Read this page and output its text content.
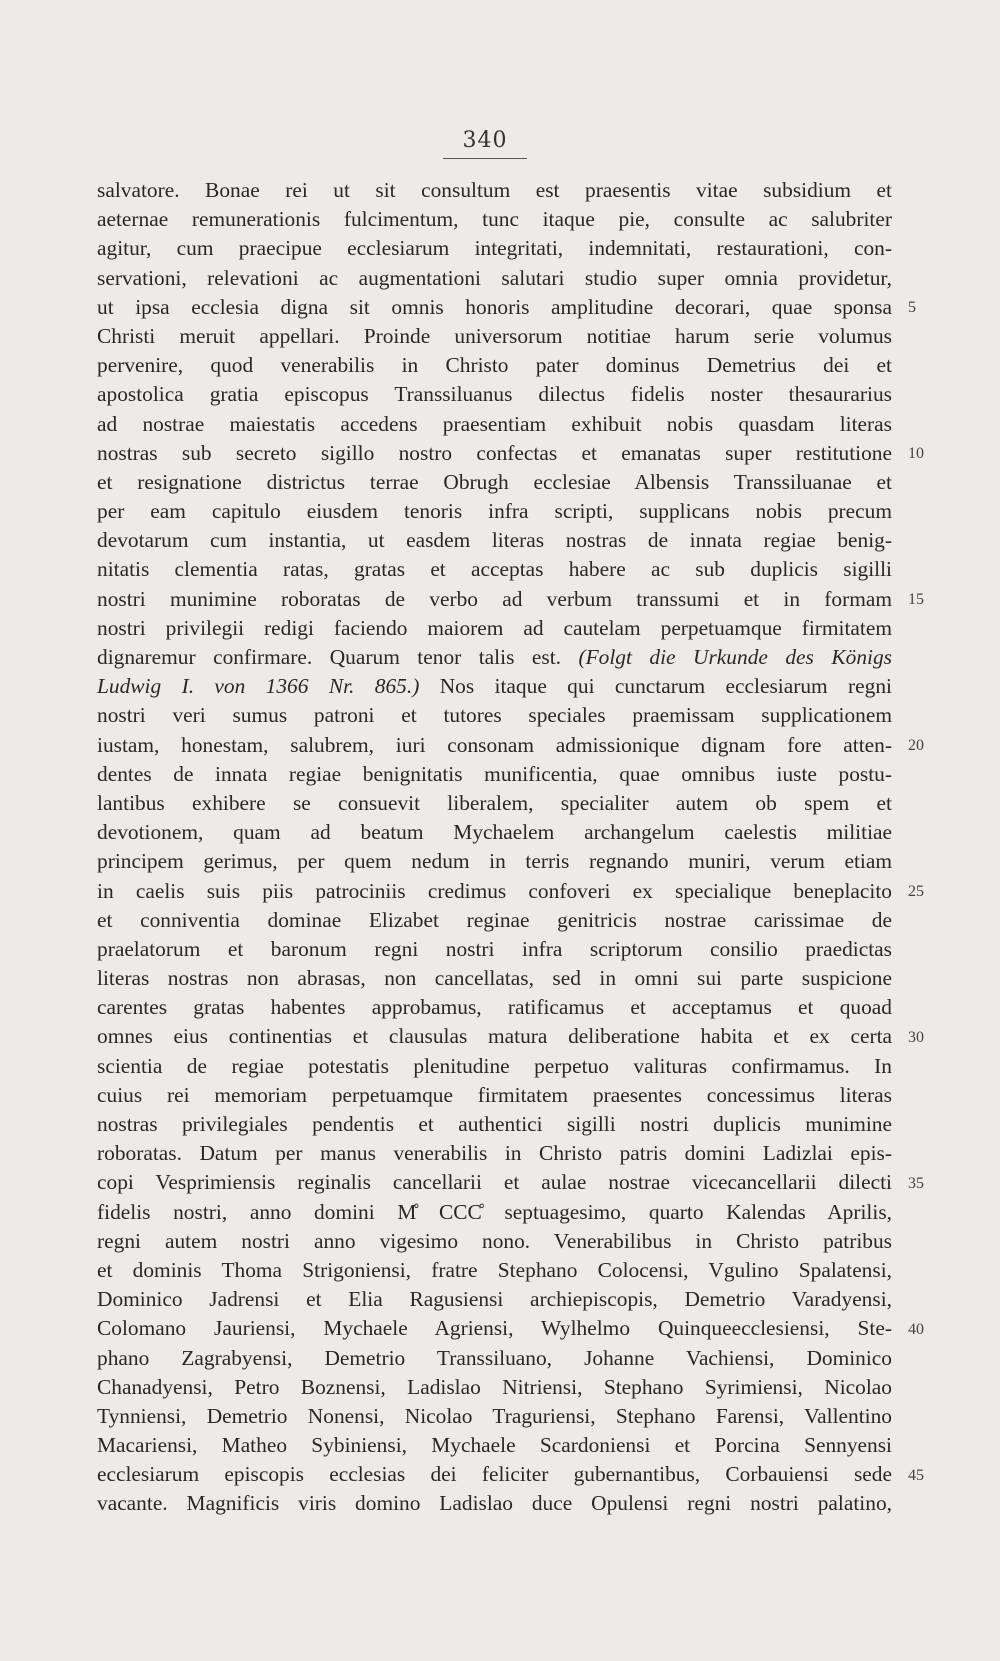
340
salvatore. Bonae rei ut sit consultum est praesentis vitae subsidium et
aeternae remunerationis fulcimentum, tunc itaque pie, consulte ac salubriter
agitur, cum praecipue ecclesiarum integritati, indemnitati, restaurationi, con-
servationi, relevationi ac augmentationi salutari studio super omnia providetur,
ut ipsa ecclesia digna sit omnis honoris amplitudine decorari, quae sponsa
Christi meruit appellari. Proinde universorum notitiae harum serie volumus
pervenire, quod venerabilis in Christo pater dominus Demetrius dei et
apostolica gratia episcopus Transsiluanus dilectus fidelis noster thesaurarius
ad nostrae maiestatis accedens praesentiam exhibuit nobis quasdam literas
nostras sub secreto sigillo nostro confectas et emanatas super restitutione
et resignatione districtus terrae Obrugh ecclesiae Albensis Transsiluanae et
per eam capitulo eiusdem tenoris infra scripti, supplicans nobis precum
devotarum cum instantia, ut easdem literas nostras de innata regiae benig-
nitatis clementia ratas, gratas et acceptas habere ac sub duplicis sigilli
nostri munimine roboratas de verbo ad verbum transsumi et in formam
nostri privilegii redigi faciendo maiorem ad cautelam perpetuamque firmitatem
dignaremur confirmare. Quarum tenor talis est. (Folgt die Urkunde des Königs
Ludwig I. von 1366 Nr. 865.) Nos itaque qui cunctarum ecclesiarum regni
nostri veri sumus patroni et tutores speciales praemissam supplicationem
iustam, honestam, salubrem, iuri consonam admissionique dignam fore atten-
dentes de innata regiae benignitatis munificentia, quae omnibus iuste postu-
lantibus exhibere se consuevit liberalem, specialiter autem ob spem et
devotionem, quam ad beatum Mychaelem archangelum caelestis militiae
principem gerimus, per quem nedum in terris regnando muniri, verum etiam
in caelis suis piis patrociniis credimus confoveri ex specialique beneplacito
et conniventia dominae Elizabet reginae genitricis nostrae carissimae de
praelatorum et baronum regni nostri infra scriptorum consilio praedictas
literas nostras non abrasas, non cancellatas, sed in omni sui parte suspicione
carentes gratas habentes approbamus, ratificamus et acceptamus et quoad
omnes eius continentias et clausulas matura deliberatione habita et ex certa
scientia de regiae potestatis plenitudine perpetuo valituras confirmamus. In
cuius rei memoriam perpetuamque firmitatem praesentes concessimus literas
nostras privilegiales pendentis et authentici sigilli nostri duplicis munimine
roboratas. Datum per manus venerabilis in Christo patris domini Ladizlai epis-
copi Vesprimiensis reginalis cancellarii et aulae nostrae vicecancellarii dilecti
fidelis nostri, anno domini M̊ CCC̊ septuagesimo, quarto Kalendas Aprilis,
regni autem nostri anno vigesimo nono. Venerabilibus in Christo patribus
et dominis Thoma Strigoniensi, fratre Stephano Colocensi, Vgulino Spalatensi,
Dominico Jadrensi et Elia Ragusiensi archiepiscopis, Demetrio Varadyensi,
Colomano Jauriensi, Mychaele Agriensi, Wylhelmo Quinqueecclesiensi, Ste-
phano Zagrabyensi, Demetrio Transsiluano, Johanne Vachiensi, Dominico
Chanadyensi, Petro Boznensi, Ladislao Nitriensi, Stephano Syrimiensi, Nicolao
Tynniensi, Demetrio Nonensi, Nicolao Traguriensi, Stephano Farensi, Vallentino
Macariensi, Matheo Sybiniensi, Mychaele Scardoniensi et Porcina Sennyensi
ecclesiarum episcopis ecclesias dei feliciter gubernantibus, Corbauiensi sede
vacante. Magnificis viris domino Ladislao duce Opulensi regni nostri palatino,
5
10
15
20
25
30
35
40
45
